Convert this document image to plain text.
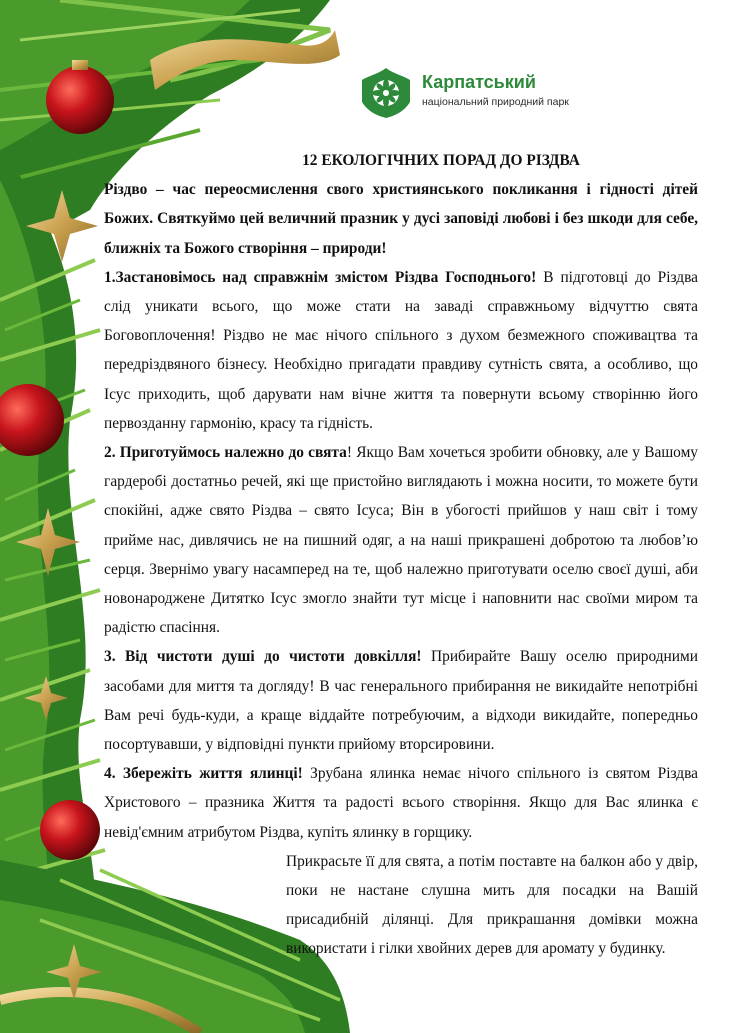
Карпатський
національний природний парк
12 ЕКОЛОГІЧНИХ ПОРАД ДО РІЗДВА

Різдво – час переосмислення свого християнського покликання і гідності дітей Божих. Святкуймо цей величний празник у дусі заповіді любові і без шкоди для себе, ближніх та Божого створіння – природи!

1.Застановімось над справжнім змістом Різдва Господнього! В підготовці до Різдва слід уникати всього, що може стати на заваді справжньому відчуттю свята Боговоплочення! Різдво не має нічого спільного з духом безмежного споживацтва та передріздвяного бізнесу. Необхідно пригадати правдиву сутність свята, а особливо, що Ісус приходить, щоб дарувати нам вічне життя та повернути всьому створінню його первозданну гармонію, красу та гідність.

2. Приготуймось належно до свята! Якщо Вам хочеться зробити обновку, але у Вашому гардеробі достатньо речей, які ще пристойно виглядають і можна носити, то можете бути спокійні, адже свято Різдва – свято Ісуса; Він в убогості прийшов у наш світ і тому прийме нас, дивлячись не на пишний одяг, а на наші прикрашені добротою та любов’ю серця. Звернімо увагу насамперед на те, щоб належно приготувати оселю своєї душі, аби новонароджене Дитятко Ісус змогло знайти тут місце і наповнити нас своїми миром та радістю спасіння.

3. Від чистоти душі до чистоти довкілля! Прибирайте Вашу оселю природними засобами для миття та догляду! В час генерального прибирання не викидайте непотрібні Вам речі будь-куди, а краще віддайте потребуючим, а відходи викидайте, попередньо посортувавши, у відповідні пункти прийому вторсировини.

4. Збережіть життя ялинці! Зрубана ялинка немає нічого спільного із святом Різдва Христового – празника Життя та радості всього створіння. Якщо для Вас ялинка є невід'ємним атрибутом Різдва, купіть ялинку в горщику.

Прикрасьте її для свята, а потім поставте на балкон або у двір, поки не настане слушна мить для посадки на Вашій присадибній ділянці. Для прикрашання домівки можна використати і гілки хвойних дерев для аромату у будинку.
